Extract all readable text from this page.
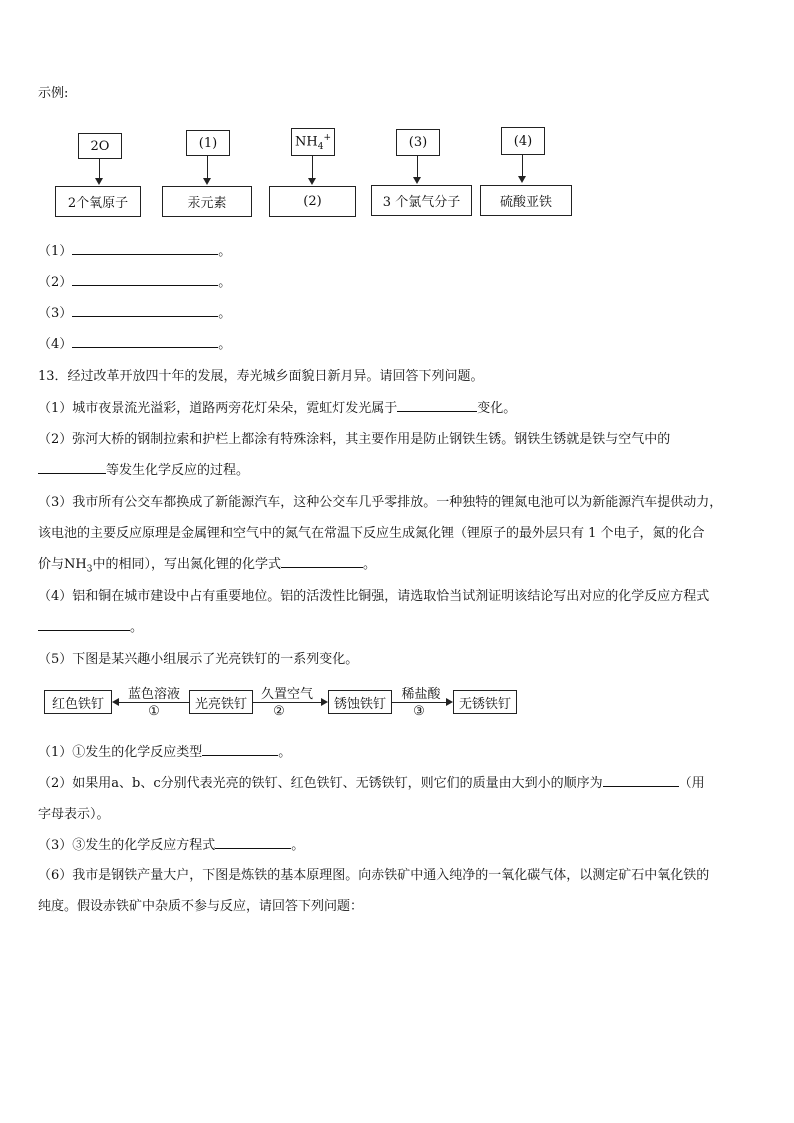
示例:
2O	(1)	$NH_4^+$	(3)	(4)
2个氧原子	汞元素	(2)	3 个氯气分子	硫酸亚铁
（1）	。
（2）	。
（3）	。
（4）	。
13．经过改革开放四十年的发展，寿光城乡面貌日新月异。请回答下列问题。
（1）城市夜景流光溢彩，道路两旁花灯朵朵，霓虹灯发光属于	变化。
（2）弥河大桥的钢制拉索和护栏上都涂有特殊涂料，其主要作用是防止钢铁生锈。钢铁生锈就是铁与空气中的
等发生化学反应的过程。
（3）我市所有公交车都换成了新能源汽车，这种公交车几乎零排放。一种独特的锂氮电池可以为新能源汽车提供动力，
该电池的主要反应原理是金属锂和空气中的氮气在常温下反应生成氮化锂（锂原子的最外层只有 1 个电子，氮的化合
价与$NH_3$中的相同），写出氮化锂的化学式	。
（4）铝和铜在城市建设中占有重要地位。铝的活泼性比铜强，请选取恰当试剂证明该结论写出对应的化学反应方程式
。
（5）下图是某兴趣小组展示了光亮铁钉的一系列变化。
红色铁钉	光亮铁钉	锈蚀铁钉	无锈铁钉
蓝色溶液
①
久置空气
②
稀盐酸
③
（1）①发生的化学反应类型	。
（2）如果用a、b、c分别代表光亮的铁钉、红色铁钉、无锈铁钉，则它们的质量由大到小的顺序为	（用
字母表示）。
（3）③发生的化学反应方程式	。
（6）我市是钢铁产量大户，下图是炼铁的基本原理图。向赤铁矿中通入纯净的一氧化碳气体，以测定矿石中氧化铁的
纯度。假设赤铁矿中杂质不参与反应，请回答下列问题：
